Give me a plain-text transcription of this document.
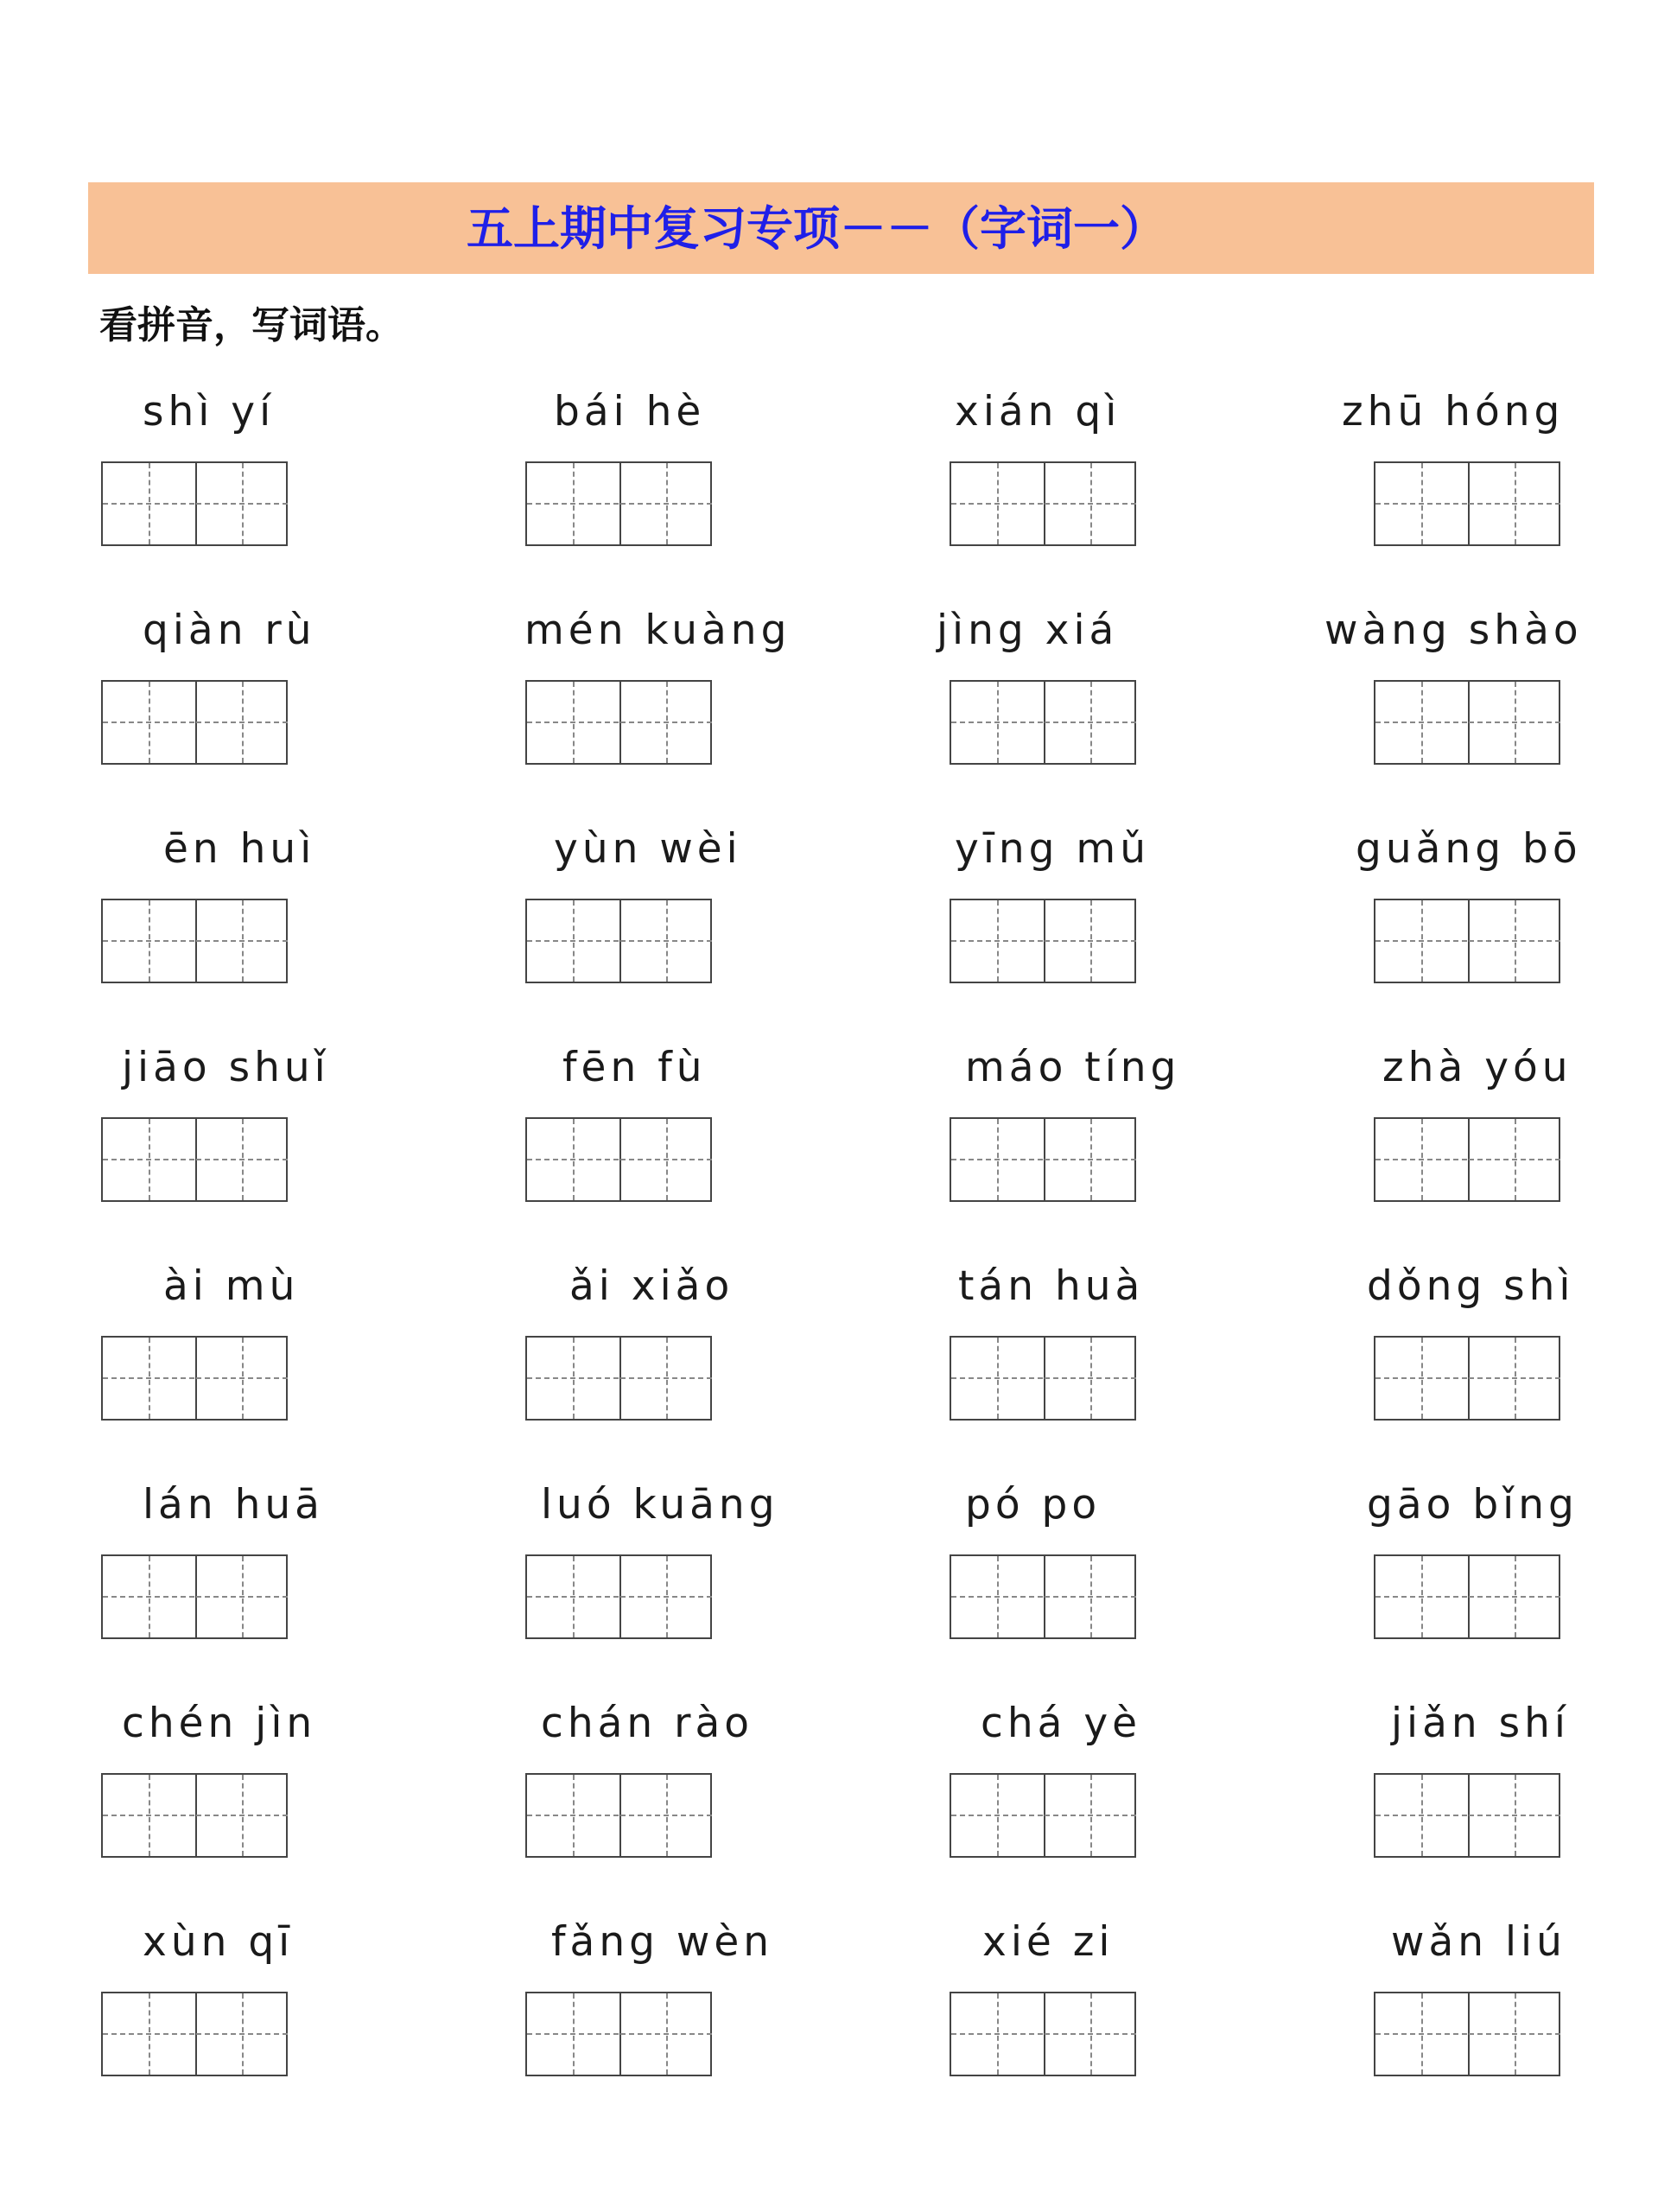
五上期中复习专项－－（字词一）
看拼音，写词语。
shì yí	bái hè	xián qì	zhū hóng
qiàn rù	mén kuàng	jìng xiá	wàng shào
ēn huì	yùn wèi	yīng mǔ	guǎng bō
jiāo shuǐ	fēn fù	máo tíng	zhà yóu
ài mù	ǎi xiǎo	tán huà	dǒng shì
lán huā	luó kuāng	pó po	gāo bǐng
chén jìn	chán rào	chá yè	jiǎn shí
xùn qī	fǎng wèn	xié zi	wǎn liú
